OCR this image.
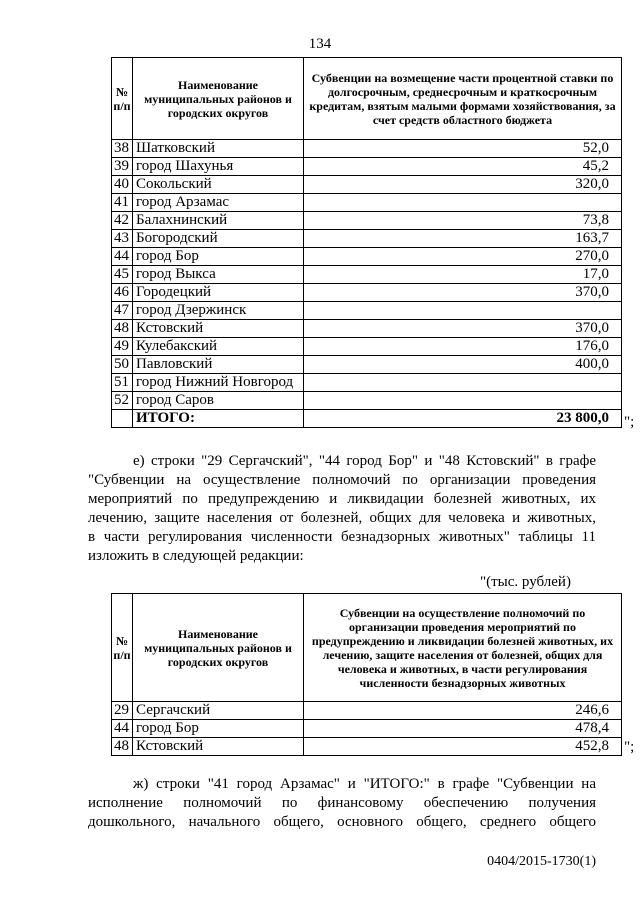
134
№ п/п	Наименование муниципальных районов и городских округов	Субвенции на возмещение части процентной ставки по долгосрочным, среднесрочным и краткосрочным кредитам, взятым малыми формами хозяйствования, за счет средств областного бюджета
38	Шатковский	52,0
39	город Шахунья	45,2
40	Сокольский	320,0
41	город Арзамас	
42	Балахнинский	73,8
43	Богородский	163,7
44	город Бор	270,0
45	город Выкса	17,0
46	Городецкий	370,0
47	город Дзержинск	
48	Кстовский	370,0
49	Кулебакский	176,0
50	Павловский	400,0
51	город Нижний Новгород	
52	город Саров	
	ИТОГО:	23 800,0 ";
е) строки "29 Сергачский", "44 город Бор" и "48 Кстовский" в графе
"Субвенции на осуществление полномочий по организации проведения
мероприятий по предупреждению и ликвидации болезней животных, их
лечению, защите населения от болезней, общих для человека и животных,
в части регулирования численности безнадзорных животных" таблицы 11
изложить в следующей редакции:
"(тыс. рублей)
№ п/п	Наименование муниципальных районов и городских округов	Субвенции на осуществление полномочий по организации проведения мероприятий по предупреждению и ликвидации болезней животных, их лечению, защите населения от болезней, общих для человека и животных, в части регулирования численности безнадзорных животных
29	Сергачский	246,6
44	город Бор	478,4
48	Кстовский	452,8 ";
ж) строки "41 город Арзамас" и "ИТОГО:" в графе "Субвенции на
исполнение полномочий по финансовому обеспечению получения
дошкольного, начального общего, основного общего, среднего общего
0404/2015-1730(1)
